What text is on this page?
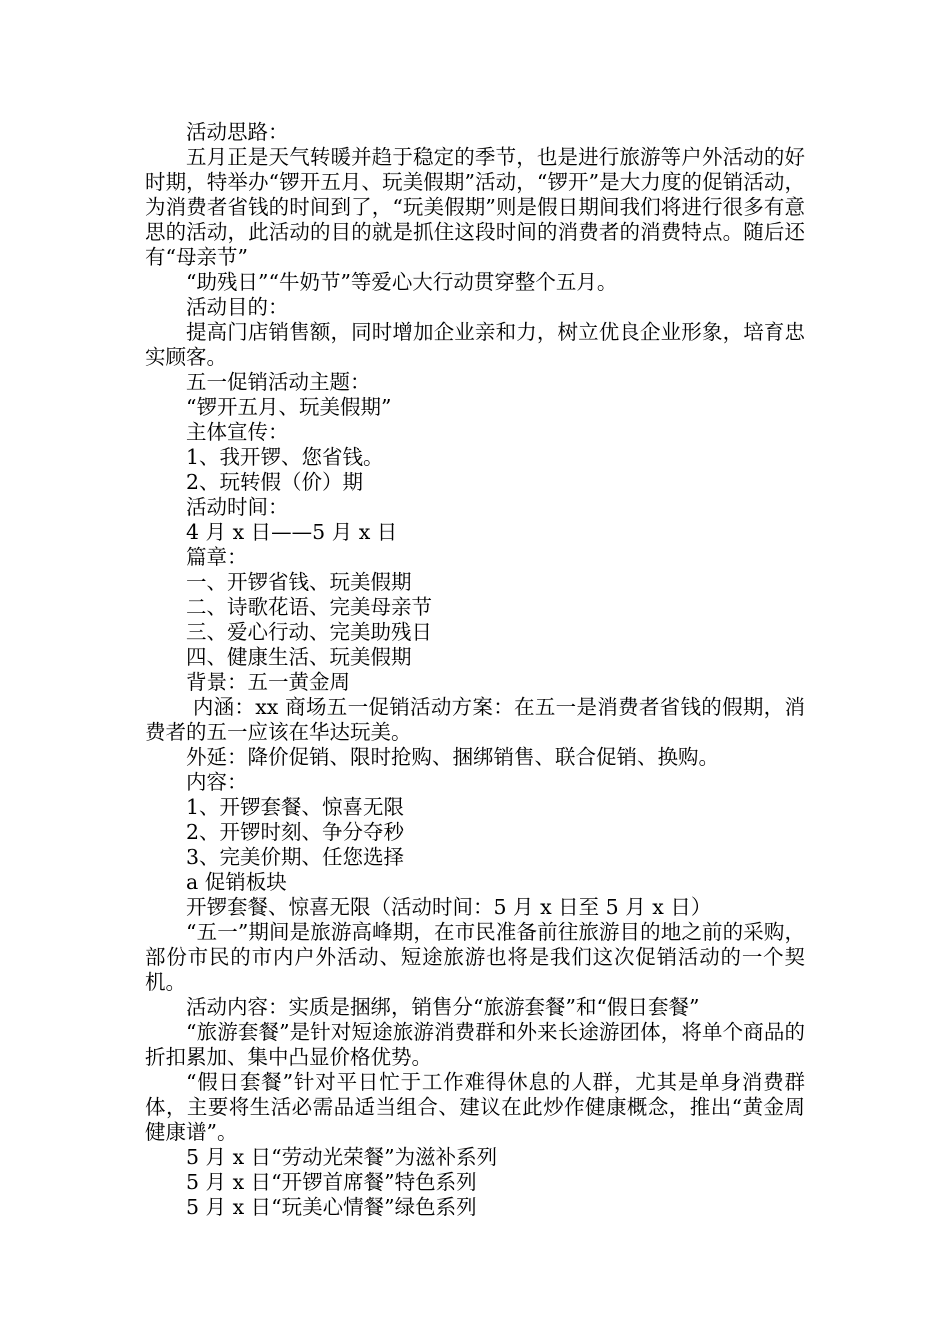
活动思路：

五月正是天气转暖并趋于稳定的季节，也是进行旅游等户外活动的好时期，特举办“锣开五月、玩美假期”活动，“锣开”是大力度的促销活动，为消费者省钱的时间到了，“玩美假期”则是假日期间我们将进行很多有意思的活动，此活动的目的就是抓住这段时间的消费者的消费特点。随后还有“母亲节”

“助残日”“牛奶节”等爱心大行动贯穿整个五月。

活动目的：

提高门店销售额，同时增加企业亲和力，树立优良企业形象，培育忠实顾客。

五一促销活动主题：

“锣开五月、玩美假期”

主体宣传：

1、我开锣、您省钱。

2、玩转假（价）期

活动时间：

4 月 x 日——5 月 x 日

篇章：

一、开锣省钱、玩美假期

二、诗歌花语、完美母亲节

三、爱心行动、完美助残日

四、健康生活、玩美假期

背景：五一黄金周

内涵：xx 商场五一促销活动方案：在五一是消费者省钱的假期，消费者的五一应该在华达玩美。

外延：降价促销、限时抢购、捆绑销售、联合促销、换购。

内容：

1、开锣套餐、惊喜无限

2、开锣时刻、争分夺秒

3、完美价期、任您选择

a 促销板块

开锣套餐、惊喜无限（活动时间：5 月 x 日至 5 月 x 日）

“五一”期间是旅游高峰期，在市民准备前往旅游目的地之前的采购，部份市民的市内户外活动、短途旅游也将是我们这次促销活动的一个契机。

活动内容：实质是捆绑，销售分“旅游套餐”和“假日套餐”

“旅游套餐”是针对短途旅游消费群和外来长途游团体，将单个商品的折扣累加、集中凸显价格优势。

“假日套餐”针对平日忙于工作难得休息的人群，尤其是单身消费群体，主要将生活必需品适当组合、建议在此炒作健康概念，推出“黄金周健康谱”。

5 月 x 日“劳动光荣餐”为滋补系列

5 月 x 日“开锣首席餐”特色系列

5 月 x 日“玩美心情餐”绿色系列
